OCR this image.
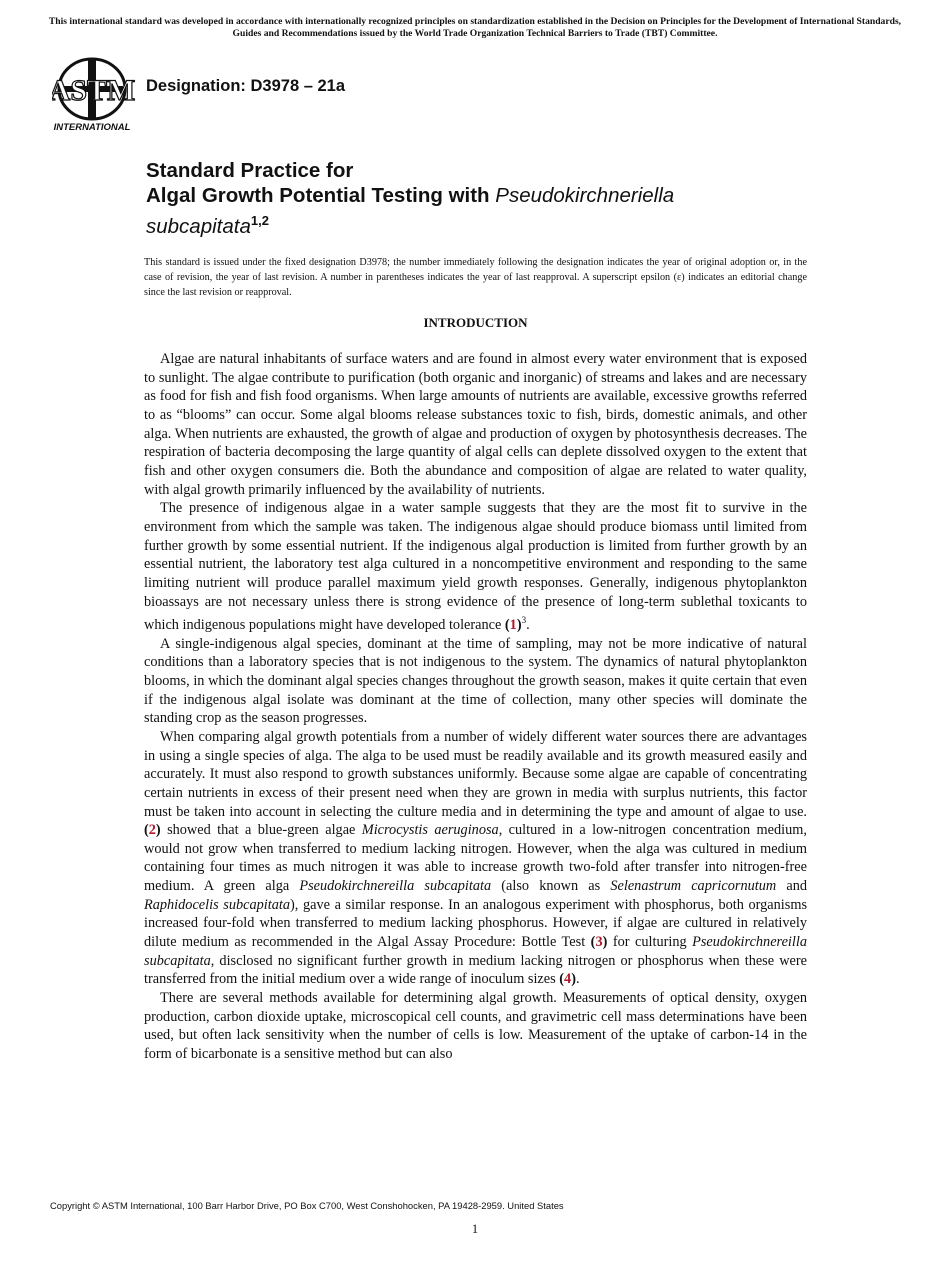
This international standard was developed in accordance with internationally recognized principles on standardization established in the Decision on Principles for the Development of International Standards, Guides and Recommendations issued by the World Trade Organization Technical Barriers to Trade (TBT) Committee.
ASTM
INTERNATIONAL
Designation: D3978 – 21a
Standard Practice for
Algal Growth Potential Testing with Pseudokirchneriella
subcapitata$^{1,2}$
This standard is issued under the fixed designation D3978; the number immediately following the designation indicates the year of original adoption or, in the case of revision, the year of last revision. A number in parentheses indicates the year of last reapproval. A superscript epsilon (ε) indicates an editorial change since the last revision or reapproval.
INTRODUCTION

Algae are natural inhabitants of surface waters and are found in almost every water environment that is exposed to sunlight. The algae contribute to purification (both organic and inorganic) of streams and lakes and are necessary as food for fish and fish food organisms. When large amounts of nutrients are available, excessive growths referred to as “blooms” can occur. Some algal blooms release substances toxic to fish, birds, domestic animals, and other alga. When nutrients are exhausted, the growth of algae and production of oxygen by photosynthesis decreases. The respiration of bacteria decomposing the large quantity of algal cells can deplete dissolved oxygen to the extent that fish and other oxygen consumers die. Both the abundance and composition of algae are related to water quality, with algal growth primarily influenced by the availability of nutrients.

The presence of indigenous algae in a water sample suggests that they are the most fit to survive in the environment from which the sample was taken. The indigenous algae should produce biomass until limited from further growth by some essential nutrient. If the indigenous algal production is limited from further growth by an essential nutrient, the laboratory test alga cultured in a noncompetitive environment and responding to the same limiting nutrient will produce parallel maximum yield growth responses. Generally, indigenous phytoplankton bioassays are not necessary unless there is strong evidence of the presence of long-term sublethal toxicants to which indigenous populations might have developed tolerance $(1)^3$.

A single-indigenous algal species, dominant at the time of sampling, may not be more indicative of natural conditions than a laboratory species that is not indigenous to the system. The dynamics of natural phytoplankton blooms, in which the dominant algal species changes throughout the growth season, makes it quite certain that even if the indigenous algal isolate was dominant at the time of collection, many other species will dominate the standing crop as the season progresses.

When comparing algal growth potentials from a number of widely different water sources there are advantages in using a single species of alga. The alga to be used must be readily available and its growth measured easily and accurately. It must also respond to growth substances uniformly. Because some algae are capable of concentrating certain nutrients in excess of their present need when they are grown in media with surplus nutrients, this factor must be taken into account in selecting the culture media and in determining the type and amount of algae to use. (2) showed that a blue-green algae Microcystis aeruginosa, cultured in a low-nitrogen concentration medium, would not grow when transferred to medium lacking nitrogen. However, when the alga was cultured in medium containing four times as much nitrogen it was able to increase growth two-fold after transfer into nitrogen-free medium. A green alga Pseudokirchnereilla subcapitata (also known as Selenastrum capricornutum and Raphidocelis subcapitata), gave a similar response. In an analogous experiment with phosphorus, both organisms increased four-fold when transferred to medium lacking phosphorus. However, if algae are cultured in relatively dilute medium as recommended in the Algal Assay Procedure: Bottle Test (3) for culturing Pseudokirchnereilla subcapitata, disclosed no significant further growth in medium lacking nitrogen or phosphorus when these were transferred from the initial medium over a wide range of inoculum sizes (4).

There are several methods available for determining algal growth. Measurements of optical density, oxygen production, carbon dioxide uptake, microscopical cell counts, and gravimetric cell mass determinations have been used, but often lack sensitivity when the number of cells is low. Measurement of the uptake of carbon-14 in the form of bicarbonate is a sensitive method but can also

Copyright © ASTM International, 100 Barr Harbor Drive, PO Box C700, West Conshohocken, PA 19428-2959. United States
1
